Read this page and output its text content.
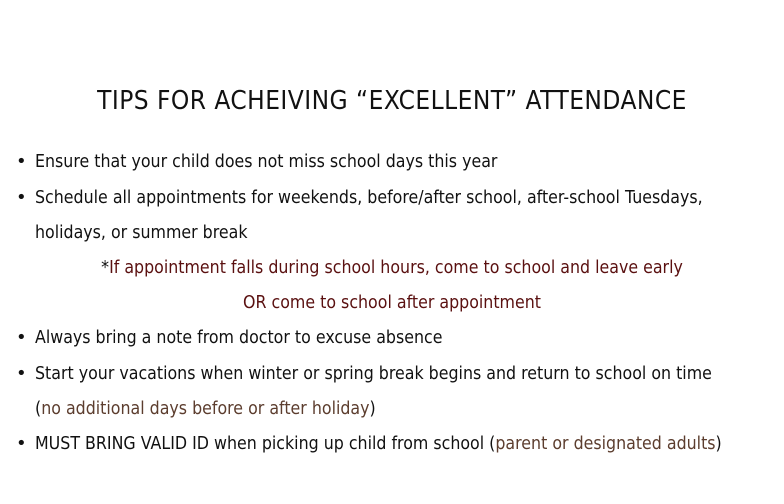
TIPS FOR ACHEIVING “EXCELLENT” ATTENDANCE
• Ensure that your child does not miss school days this year
• Schedule all appointments for weekends, before/after school, after-school Tuesdays,
holidays, or summer break
*If appointment falls during school hours, come to school and leave early
OR come to school after appointment
• Always bring a note from doctor to excuse absence
• Start your vacations when winter or spring break begins and return to school on time
(no additional days before or after holiday)
• MUST BRING VALID ID when picking up child from school (parent or designated adults)
